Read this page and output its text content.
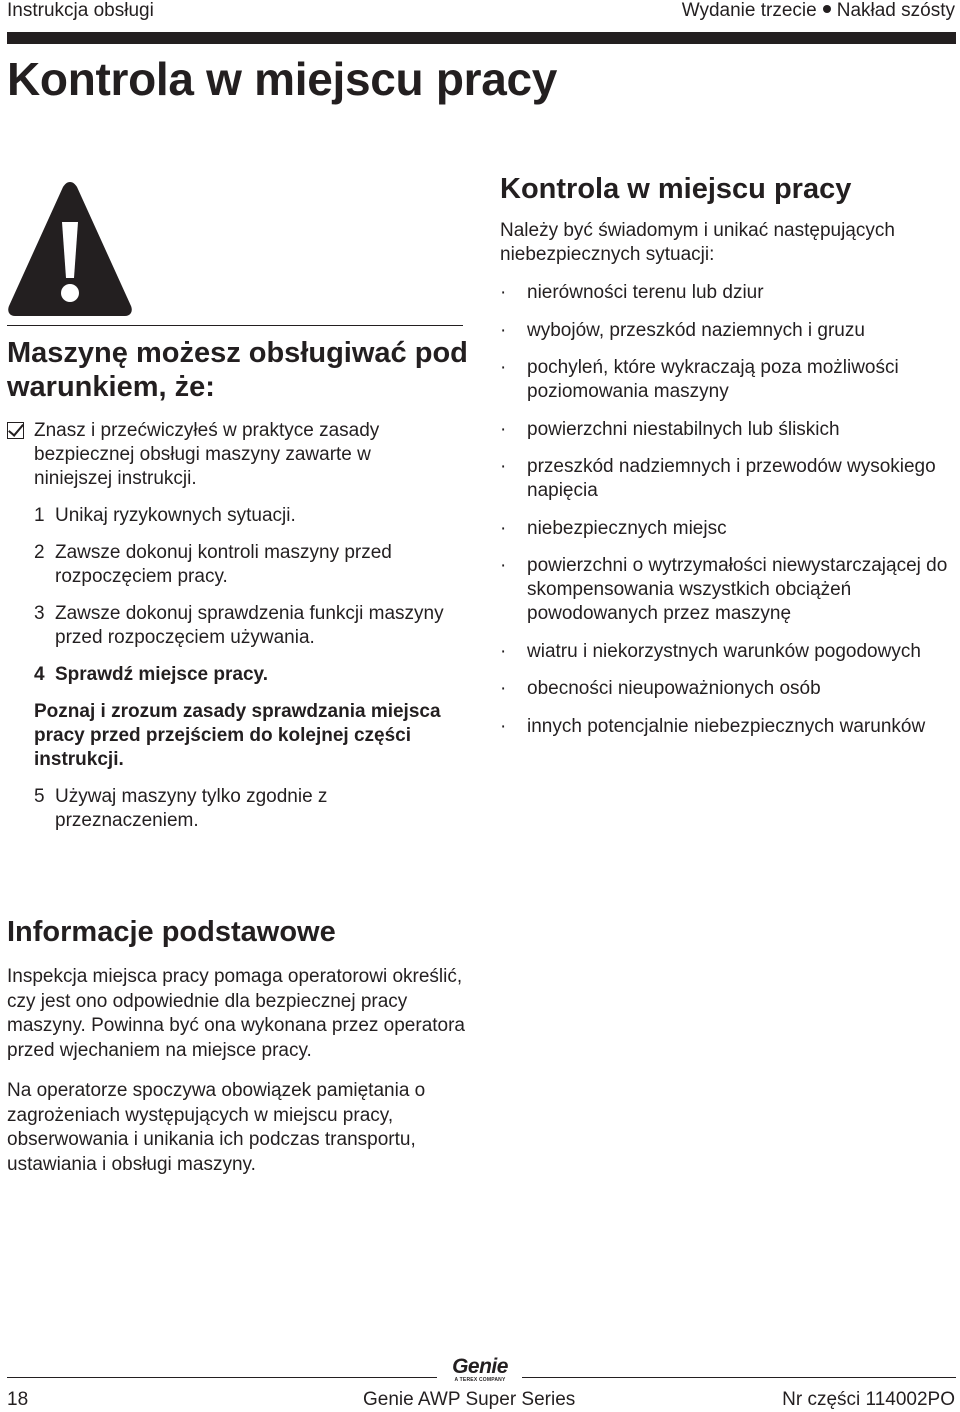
Instrukcja obsługi	Wydanie trzecie Nakład szósty
Kontrola w miejscu pracy
Maszynę możesz obsługiwać pod
warunkiem, że:
Znasz i przećwiczyłeś w praktyce zasady bezpiecznej obsługi maszyny zawarte w niniejszej instrukcji.
1 Unikaj ryzykownych sytuacji.
2 Zawsze dokonuj kontroli maszyny przed rozpoczęciem pracy.
3 Zawsze dokonuj sprawdzenia funkcji maszyny przed rozpoczęciem używania.
4 Sprawdź miejsce pracy.
Poznaj i zrozum zasady sprawdzania miejsca pracy przed przejściem do kolejnej części instrukcji.
5 Używaj maszyny tylko zgodnie z przeznaczeniem.
Kontrola w miejscu pracy

Należy być świadomym i unikać następujących niebezpiecznych sytuacji:

· nierówności terenu lub dziur
· wybojów, przeszkód naziemnych i gruzu
· pochyleń, które wykraczają poza możliwości poziomowania maszyny
· powierzchni niestabilnych lub śliskich
· przeszkód nadziemnych i przewodów wysokiego napięcia
· niebezpiecznych miejsc
· powierzchni o wytrzymałości niewystarczającej do skompensowania wszystkich obciążeń powodowanych przez maszynę
· wiatru i niekorzystnych warunków pogodowych
· obecności nieupoważnionych osób
· innych potencjalnie niebezpiecznych warunków
Informacje podstawowe

Inspekcja miejsca pracy pomaga operatorowi określić, czy jest ono odpowiednie dla bezpiecznej pracy maszyny. Powinna być ona wykonana przez operatora przed wjechaniem na miejsce pracy.

Na operatorze spoczywa obowiązek pamiętania o zagrożeniach występujących w miejscu pracy, obserwowania i unikania ich podczas transportu, ustawiania i obsługi maszyny.

Genie
A TEREX COMPANY
18	Genie AWP Super Series	Nr części 114002PO
